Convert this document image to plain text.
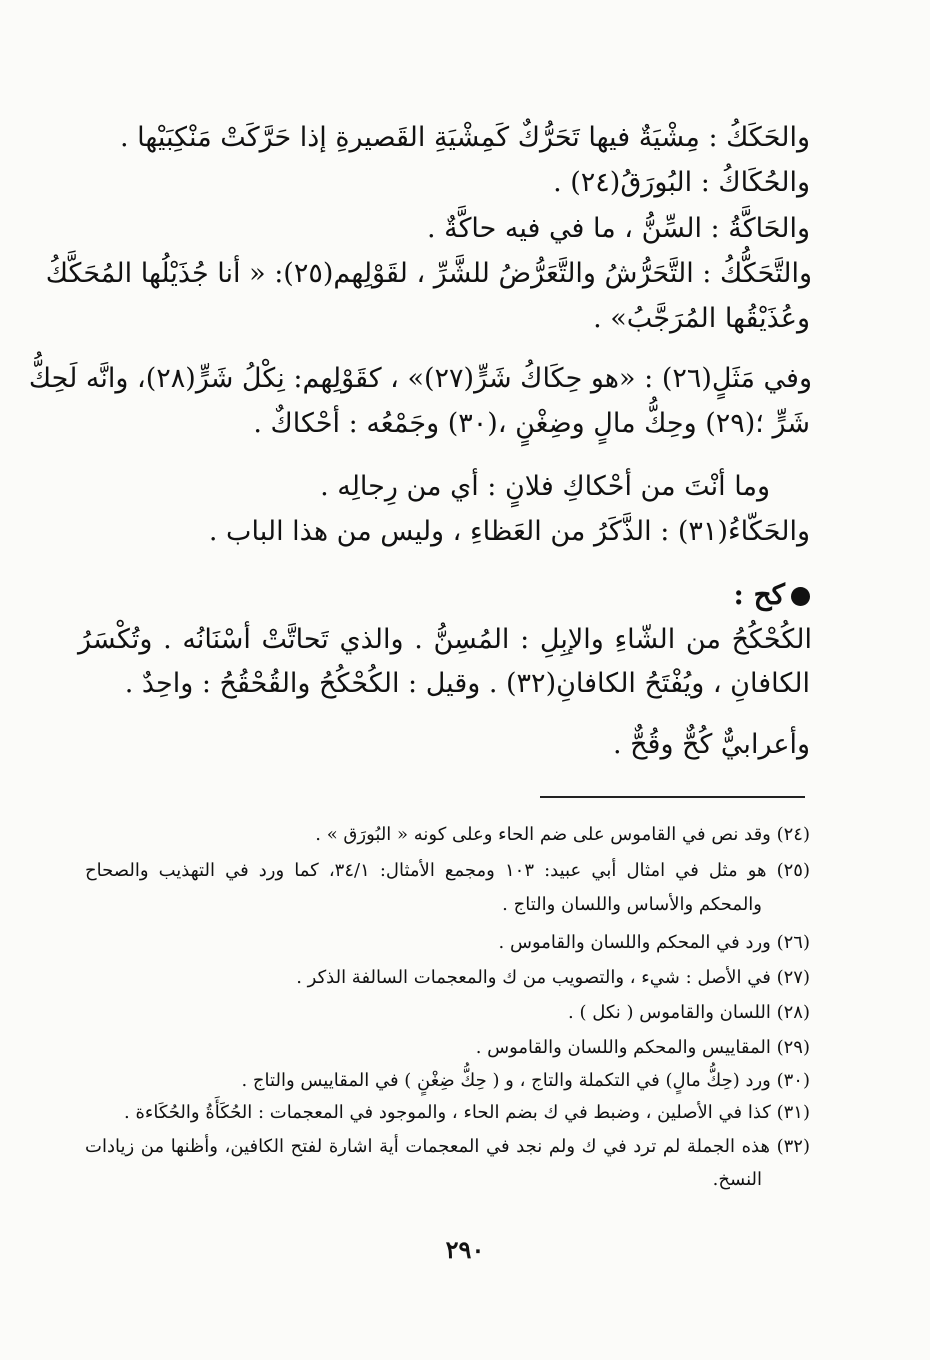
والحَكَكُ : مِشْيَةٌ فيها تَحَرُّكٌ كَمِشْيَةِ القَصيرةِ إذا حَرَّكَتْ مَنْكِبَيْها .
والحُكَاكُ : البُورَقُ(٢٤) .
والحَاكَّةُ : السِّنُّ ، ما في فيه حاكَّةٌ .
والتَّحَكُّكُ : التَّحَرُّشُ والتَّعَرُّضُ للشَّرِّ ، لقَوْلِهم(٢٥): « أنا جُذَيْلُها المُحَكَّكُ
وعُذَيْقُها المُرَجَّبُ» .
وفي مَثَلٍ(٢٦) : «هو حِكَاكُ شَرٍّ(٢٧)» ، كقَوْلِهم: نِكْلُ شَرٍّ(٢٨)، وانَّه لَحِكُّ
شَرٍّ ؛(٢٩) وحِكُّ مالٍ وضِغْنٍ ،(٣٠) وجَمْعُه : أحْكاكٌ .
وما أنْتَ من أحْكاكِ فلانٍ : أي من رِجالِه .
والحَكّاءُ(٣١) : الذَّكَرُ من العَظاءِ ، وليس من هذا الباب .
كح :
الكُحْكُحُ من الشّاءِ والإبِلِ : المُسِنُّ . والذي تَحاتَّتْ أسْنَانُه . وتُكْسَرُ
الكافانِ ، ويُفْتَحُ الكافانِ(٣٢) . وقيل : الكُحْكُحُ والقُحْقُحُ : واحِدٌ .
وأعرابيٌّ كُحٌّ وقُحٌّ .
(٢٤) وقد نص في القاموس على ضم الحاء وعلى كونه « البُورَق » .
(٢٥) هو مثل في امثال أبي عبيد: ١٠٣ ومجمع الأمثال: ٣٤/١، كما ورد في التهذيب والصحاح
والمحكم والأساس واللسان والتاج .
(٢٦) ورد في المحكم واللسان والقاموس .
(٢٧) في الأصل : شيء ، والتصويب من ك والمعجمات السالفة الذكر .
(٢٨) اللسان والقاموس ( نكل ) .
(٢٩) المقاييس والمحكم واللسان والقاموس .
(٣٠) ورد (حِكُّ مالٍ) في التكملة والتاج ، و ( حِكُّ ضِغْنٍ ) في المقاييس والتاج .
(٣١) كذا في الأصلين ، وضبط في ك بضم الحاء ، والموجود في المعجمات : الحُكَأَةُ والحُكَاءة .
(٣٢) هذه الجملة لم ترد في ك ولم نجد في المعجمات أية اشارة لفتح الكافين، وأظنها من زيادات
النسخ.
٢٩٠
